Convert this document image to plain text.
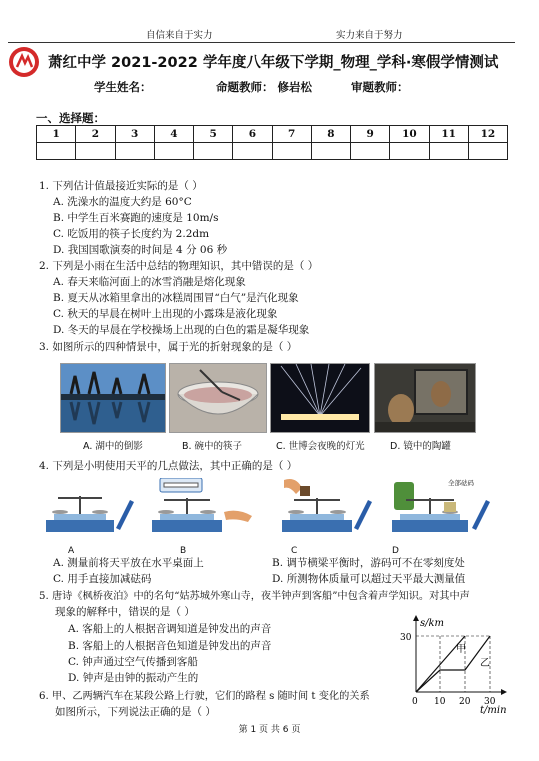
自信来自于实力	实力来自于努力
萧红中学 2021-2022 学年度八年级下学期_物理_学科·寒假学情测试
学生姓名：	命题教师： 修岩松	审题教师：
一、选择题：
1	2	3	4	5	6	7	8	9	10	11	12

1. 下列估计值最接近实际的是（ ）
A. 洗澡水的温度大约是 60°C
B. 中学生百米赛跑的速度是 10m/s
C. 吃饭用的筷子长度约为 2.2dm
D. 我国国歌演奏的时间是 4 分 06 秒
2. 下列是小雨在生活中总结的物理知识，其中错误的是（ ）
A. 春天来临河面上的冰雪消融是熔化现象
B. 夏天从冰箱里拿出的冰糕周围冒“白气”是汽化现象
C. 秋天的早晨在树叶上出现的小露珠是液化现象
D. 冬天的早晨在学校操场上出现的白色的霜是凝华现象
3. 如图所示的四种情景中，属于光的折射现象的是（ ）
A. 湖中的倒影	B. 碗中的筷子	C. 世博会夜晚的灯光	D. 镜中的陶罐
4. 下列是小明使用天平的几点做法，其中正确的是（ ）
全部砝码
A	B	C	D
A. 测量前将天平放在水平桌面上	B. 调节横梁平衡时，游码可不在零刻度处
C. 用手直接加减砝码	D. 所测物体质量可以超过天平最大测量值
5. 唐诗《枫桥夜泊》中的名句“姑苏城外寒山寺，夜半钟声到客船”中包含着声学知识。对其中声
现象的解释中，错误的是（ ）
A. 客船上的人根据音调知道是钟发出的声音
B. 客船上的人根据音色知道是钟发出的声音
C. 钟声通过空气传播到客船
D. 钟声是由钟的振动产生的
s/km
30
0 10 20 30
t/min
甲
乙
6. 甲、乙两辆汽车在某段公路上行驶，它们的路程 s 随时间 t 变化的关系
如图所示，下列说法正确的是（ ）
第 1 页 共 6 页
